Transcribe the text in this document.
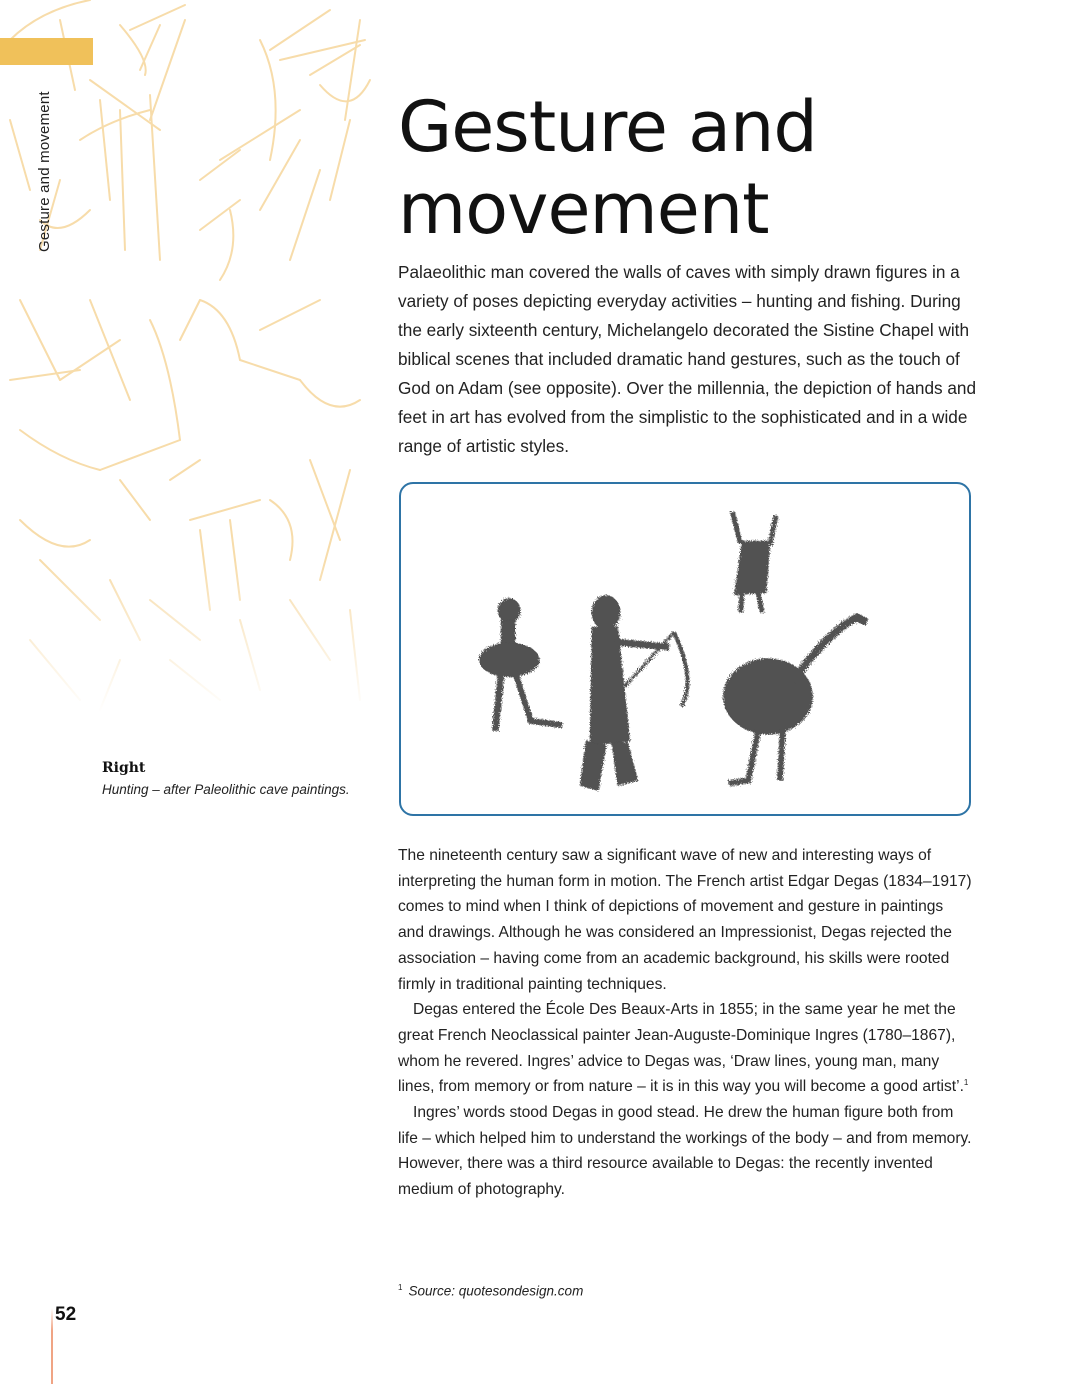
Gesture and movement	Gesture and
movement

Palaeolithic man covered the walls of caves with simply drawn figures in a variety of poses depicting everyday activities – hunting and fishing. During the early sixteenth century, Michelangelo decorated the Sistine Chapel with biblical scenes that included dramatic hand gestures, such as the touch of God on Adam (see opposite). Over the millennia, the depiction of hands and feet in art has evolved from the simplistic to the sophisticated and in a wide range of artistic styles.

Right
Hunting – after Paleolithic cave paintings.

The nineteenth century saw a significant wave of new and interesting ways of interpreting the human form in motion. The French artist Edgar Degas (1834–1917) comes to mind when I think of depictions of movement and gesture in paintings and drawings. Although he was considered an Impressionist, Degas rejected the association – having come from an academic background, his skills were rooted firmly in traditional painting techniques.

Degas entered the École Des Beaux-Arts in 1855; in the same year he met the great French Neoclassical painter Jean-Auguste-Dominique Ingres (1780–1867), whom he revered. Ingres’ advice to Degas was, ‘Draw lines, young man, many lines, from memory or from nature – it is in this way you will become a good artist’.$^1$

Ingres’ words stood Degas in good stead. He drew the human figure both from life – which helped him to understand the workings of the body – and from memory. However, there was a third resource available to Degas: the recently invented medium of photography.

$^1$ Source: quotesondesign.com
52
